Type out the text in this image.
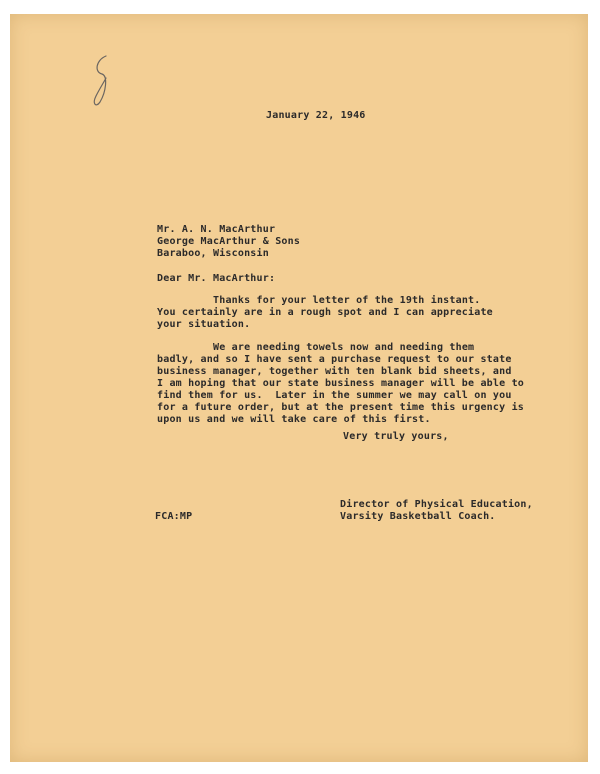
January 22, 1946
Mr. A. N. MacArthur
George MacArthur & Sons
Baraboo, Wisconsin
Dear Mr. MacArthur:
Thanks for your letter of the 19th instant.
You certainly are in a rough spot and I can appreciate
your situation.
We are needing towels now and needing them
badly, and so I have sent a purchase request to our state
business manager, together with ten blank bid sheets, and
I am hoping that our state business manager will be able to
find them for us.  Later in the summer we may call on you
for a future order, but at the present time this urgency is
upon us and we will take care of this first.
Very truly yours,
Director of Physical Education,
Varsity Basketball Coach.
FCA:MP
